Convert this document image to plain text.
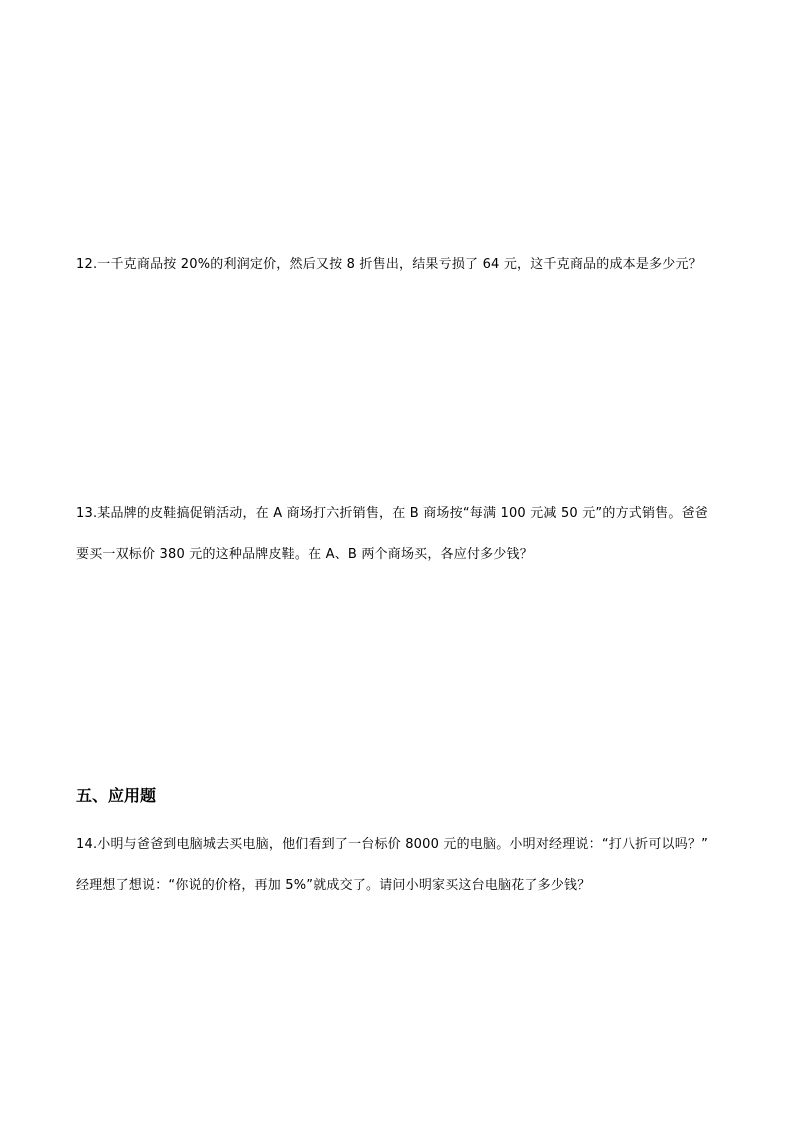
12.一千克商品按 20%的利润定价，然后又按 8 折售出，结果亏损了 64 元，这千克商品的成本是多少元？
13.某品牌的皮鞋搞促销活动，在 A 商场打六折销售，在 B 商场按“每满 100 元减 50 元”的方式销售。爸爸
要买一双标价 380 元的这种品牌皮鞋。在 A、B 两个商场买，各应付多少钱？
五、应用题
14.小明与爸爸到电脑城去买电脑，他们看到了一台标价 8000 元的电脑。小明对经理说：“打八折可以吗？”
经理想了想说：“你说的价格，再加 5%”就成交了。请问小明家买这台电脑花了多少钱？
